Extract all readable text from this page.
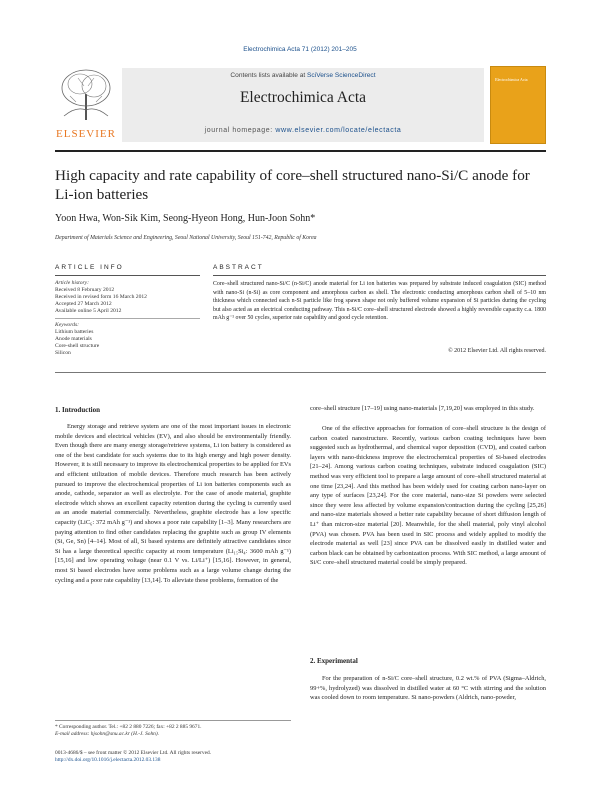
Electrochimica Acta 71 (2012) 201–205
ELSEVIER
Contents lists available at SciVerse ScienceDirect
Electrochimica Acta
journal homepage: www.elsevier.com/locate/electacta
Electrochimica Acta
High capacity and rate capability of core–shell structured nano-Si/C anode for
Li-ion batteries
Yoon Hwa, Won-Sik Kim, Seong-Hyeon Hong, Hun-Joon Sohn*
Department of Materials Science and Engineering, Seoul National University, Seoul 151-742, Republic of Korea
ARTICLE INFO
Article history:
Received 8 February 2012
Received in revised form 16 March 2012
Accepted 27 March 2012
Available online 5 April 2012
Keywords:
Lithium batteries
Anode materials
Core-shell structure
Silicon
ABSTRACT
Core–shell structured nano-Si/C (n-Si/C) anode material for Li ion batteries was prepared by substrate induced coagulation (SIC) method with nano-Si (n-Si) as core component and amorphous carbon as shell. The electronic conducting amorphous carbon shell of 5–10 nm thickness which connected each n-Si particle like frog spawn shape not only buffered volume expansion of Si particles during the cycling but also acted as an electrical conducting pathway. This n-Si/C core–shell structured electrode showed a highly reversible capacity c.a. 1800 mAh g⁻¹ over 50 cycles, superior rate capability and good cycle retention.
© 2012 Elsevier Ltd. All rights reserved.
1. Introduction
Energy storage and retrieve system are one of the most important issues in electronic mobile devices and electrical vehicles (EV), and also should be environmentally friendly. Even though there are many energy storage/retrieve systems, Li ion battery is considered as one of the best candidate for such systems due to its high energy and high power density. However, it is still necessary to improve its electrochemical properties to be applied for EVs and efficient utilization of mobile devices. Therefore much research has been actively pursued to improve the electrochemical properties of Li ion batteries components such as anode, cathode, separator as well as electrolyte. For the case of anode material, graphite electrode which shows an excellent capacity retention during the cycling is currently used as an anode material commercially. Nevertheless, graphite electrode has a low specific capacity (LiC₆: 372 mAh g⁻¹) and shows a poor rate capability [1–3]. Many researchers are paying attention to find other candidates replacing the graphite such as group IV elements (Si, Ge, Sn) [4–14]. Most of all, Si based systems are definitely attractive candidates since Si has a large theoretical specific capacity at room temperature (Li₁₅Si₄: 3600 mAh g⁻¹) [15,16] and low operating voltage (near 0.1 V vs. Li/Li⁺) [15,16]. However, in general, most Si based electrodes have some problems such as a large volume change during the cycling and a poor rate capability [13,14]. To alleviate these problems, formation of the
core–shell structure [17–19] using nano-materials [7,19,20] was employed in this study.
One of the effective approaches for formation of core–shell structure is the design of carbon coated nanostructure. Recently, various carbon coating techniques have been suggested such as hydrothermal, and chemical vapor deposition (CVD), and coated carbon layers with nano-thickness improve the electrochemical properties of Si-based electrodes [21–24]. Among various carbon coating techniques, substrate induced coagulation (SIC) method was very efficient tool to prepare a large amount of core–shell structured material at one time [23,24]. And this method has been widely used for coating carbon nano-layer on any type of surfaces [23,24]. For the core material, nano-size Si powders were selected since they were less affected by volume expansion/contraction during the cycling [25,26] and nano-size materials showed a better rate capability because of short diffusion length of Li⁺ than micron-size material [20]. Meanwhile, for the shell material, poly vinyl alcohol (PVA) was chosen. PVA has been used in SIC process and widely applied to modify the electrode material as well [23] since PVA can be dissolved easily in distilled water and carbon black can be obtained by carbonization process. With SIC method, a large amount of Si/C core–shell structured material could be simply prepared.
2. Experimental
For the preparation of n-Si/C core–shell structure, 0.2 wt.% of PVA (Sigma–Aldrich, 99+%, hydrolyzed) was dissolved in distilled water at 60 °C with stirring and the solution was cooled down to room temperature. Si nano-powders (Aldrich, nano-powder,
* Corresponding author. Tel.: +82 2 880 7226; fax: +82 2 885 9671.
E-mail address: hjsohn@snu.ac.kr (H.-J. Sohn).
0013-4686/$ – see front matter © 2012 Elsevier Ltd. All rights reserved.
http://dx.doi.org/10.1016/j.electacta.2012.03.138
